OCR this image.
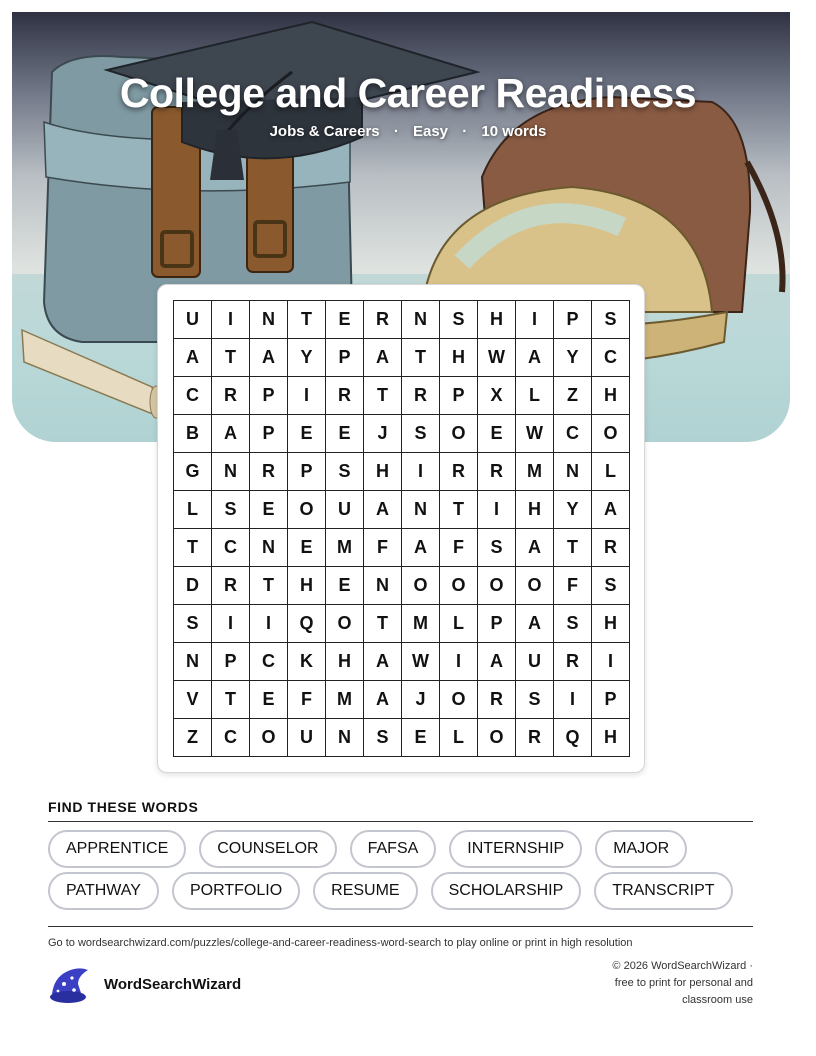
College and Career Readiness
Jobs & Careers · Easy · 10 words
U	I	N	T	E	R	N	S	H	I	P	S
A	T	A	Y	P	A	T	H	W	A	Y	C
C	R	P	I	R	T	R	P	X	L	Z	H
B	A	P	E	E	J	S	O	E	W	C	O
G	N	R	P	S	H	I	R	R	M	N	L
L	S	E	O	U	A	N	T	I	H	Y	A
T	C	N	E	M	F	A	F	S	A	T	R
D	R	T	H	E	N	O	O	O	O	F	S
S	I	I	Q	O	T	M	L	P	A	S	H
N	P	C	K	H	A	W	I	A	U	R	I
V	T	E	F	M	A	J	O	R	S	I	P
Z	C	O	U	N	S	E	L	O	R	Q	H
FIND THESE WORDS
APPRENTICE	COUNSELOR	FAFSA	INTERNSHIP	MAJOR
PATHWAY	PORTFOLIO	RESUME	SCHOLARSHIP	TRANSCRIPT
Go to wordsearchwizard.com/puzzles/college-and-career-readiness-word-search to play online or print in high resolution
WordSearchWizard
© 2026 WordSearchWizard ·
free to print for personal and
classroom use
